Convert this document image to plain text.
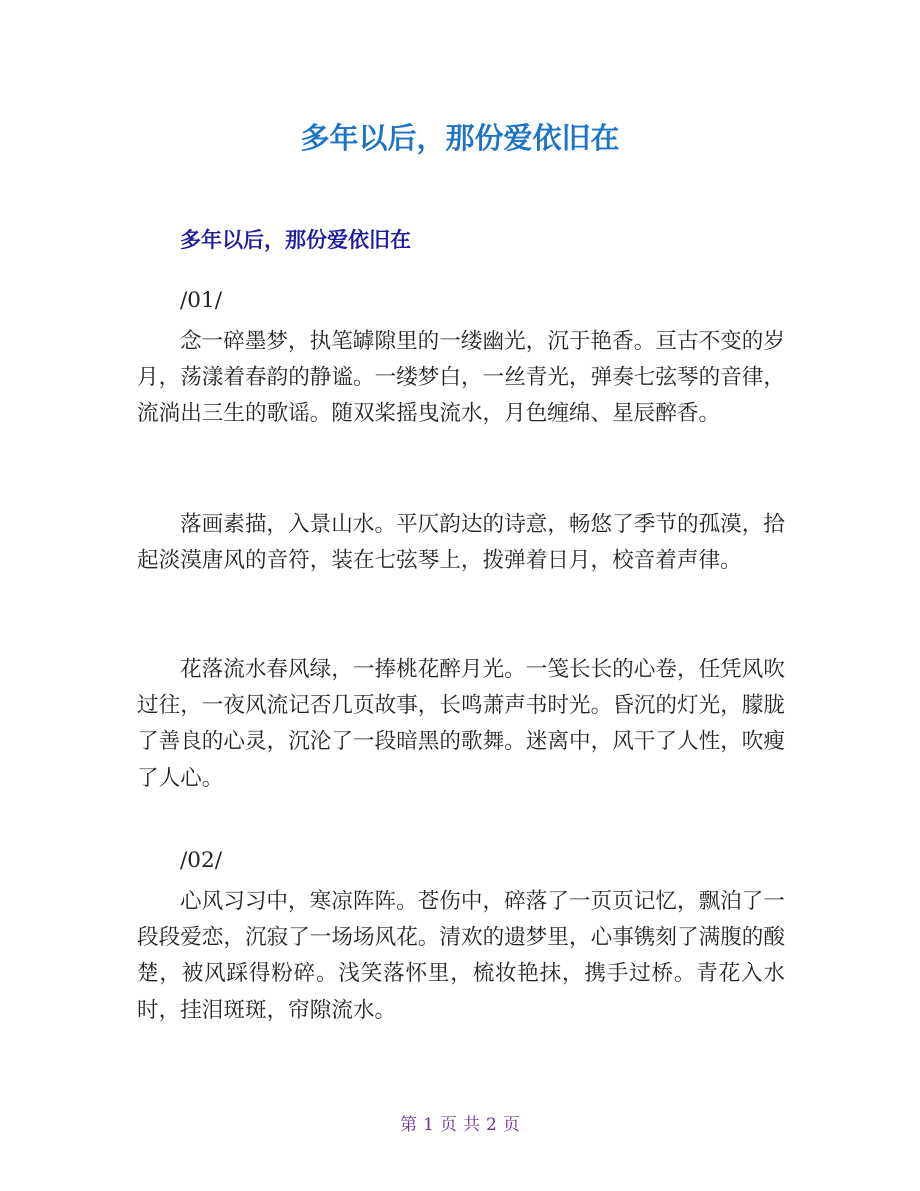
多年以后，那份爱依旧在
多年以后，那份爱依旧在

/01/

念一碎墨梦，执笔罅隙里的一缕幽光，沉于艳香。亘古不变的岁月，荡漾着春韵的静谧。一缕梦白，一丝青光，弹奏七弦琴的音律，流淌出三生的歌谣。随双桨摇曳流水，月色缠绵、星辰醉香。

落画素描，入景山水。平仄韵达的诗意，畅悠了季节的孤漠，拾起淡漠唐风的音符，装在七弦琴上，拨弹着日月，校音着声律。

花落流水春风绿，一捧桃花醉月光。一笺长长的心卷，任凭风吹过往，一夜风流记否几页故事，长鸣萧声书时光。昏沉的灯光，朦胧了善良的心灵，沉沦了一段暗黑的歌舞。迷离中，风干了人性，吹瘦了人心。

/02/

心风习习中，寒凉阵阵。苍伤中，碎落了一页页记忆，飘泊了一段段爱恋，沉寂了一场场风花。清欢的遗梦里，心事镌刻了满腹的酸楚，被风踩得粉碎。浅笑落怀里，梳妆艳抹，携手过桥。青花入水时，挂泪斑斑，帘隙流水。

第 1 页 共 2 页
